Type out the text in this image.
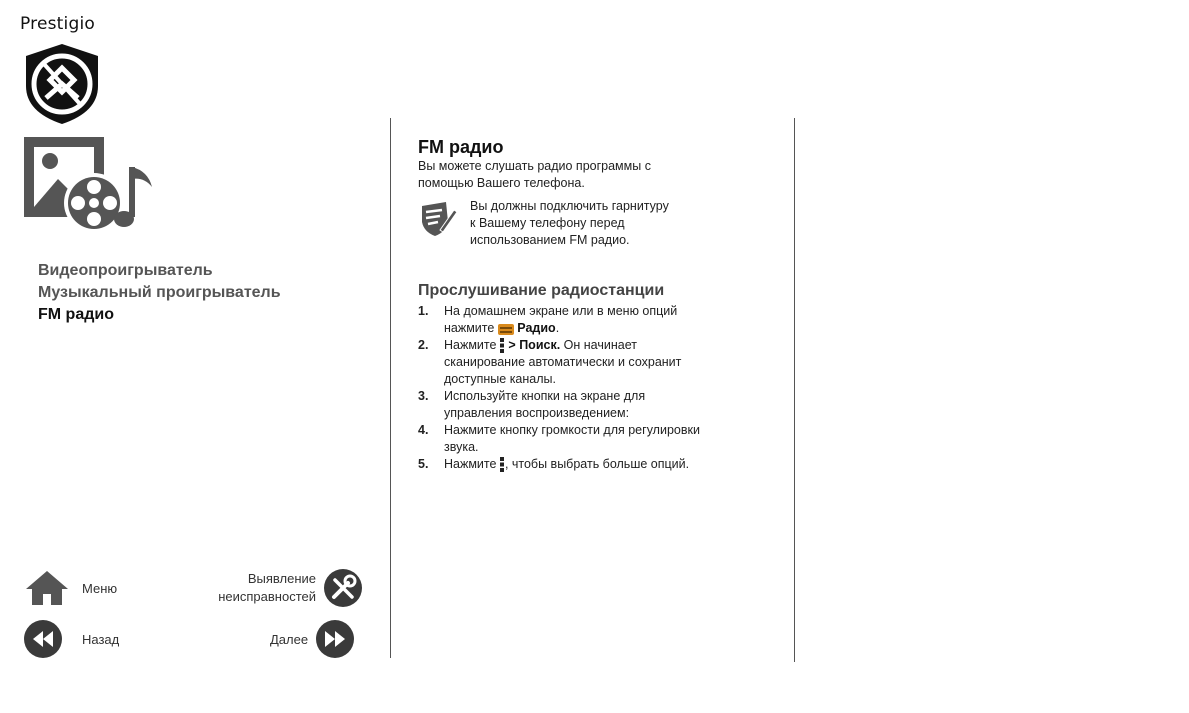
Prestigio
Видеопроигрыватель
Музыкальный проигрыватель
FM радио
Меню
Выявление
неисправностей
Назад	Далее
FM радио

Вы можете слушать радио программы с

помощью Вашего телефона.

Вы должны подключить гарнитуру
к Вашему телефону перед
использованием FM радио.
Прослушивание радиостанции
1.	На домашнем экране или в меню опций
нажмите  Радио.
2.	Нажмите  > Поиск. Он начинает
сканирование автоматически и сохранит
доступные каналы.
3.	Используйте кнопки на экране для
управления воспроизведением:
4.	Нажмите кнопку громкости для регулировки
звука.
5.	Нажмите , чтобы выбрать больше опций.
